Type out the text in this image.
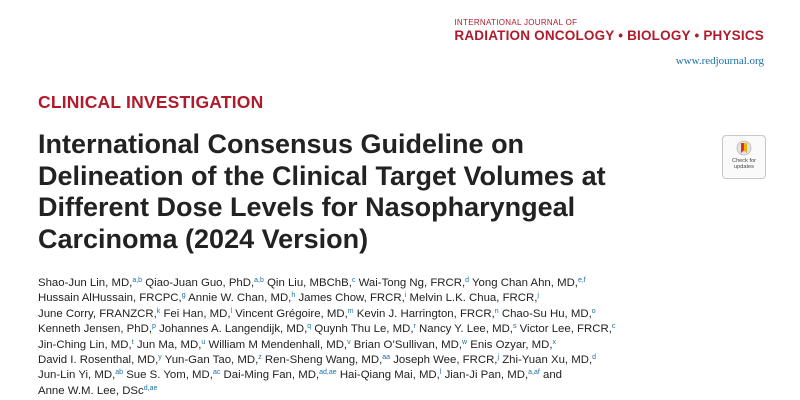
INTERNATIONAL JOURNAL OF
RADIATION ONCOLOGY • BIOLOGY • PHYSICS
www.redjournal.org
CLINICAL INVESTIGATION
International Consensus Guideline on Delineation of the Clinical Target Volumes at Different Dose Levels for Nasopharyngeal Carcinoma (2024 Version)
Check for
updates
Shao-Jun Lin, MD,$^{a,b}$ Qiao-Juan Guo, PhD,$^{a,b}$ Qin Liu, MBChB,$^c$ Wai-Tong Ng, FRCR,$^d$ Yong Chan Ahn, MD,$^{e,f}$
Hussain AlHussain, FRCPC,$^g$ Annie W. Chan, MD,$^h$ James Chow, FRCR,$^i$ Melvin L.K. Chua, FRCR,$^j$
June Corry, FRANZCR,$^k$ Fei Han, MD,$^l$ Vincent Grégoire, MD,$^m$ Kevin J. Harrington, FRCR,$^n$ Chao-Su Hu, MD,$^o$
Kenneth Jensen, PhD,$^p$ Johannes A. Langendijk, MD,$^q$ Quynh Thu Le, MD,$^r$ Nancy Y. Lee, MD,$^s$ Victor Lee, FRCR,$^c$
Jin-Ching Lin, MD,$^t$ Jun Ma, MD,$^u$ William M Mendenhall, MD,$^v$ Brian O’Sullivan, MD,$^w$ Enis Ozyar, MD,$^x$
David I. Rosenthal, MD,$^y$ Yun-Gan Tao, MD,$^z$ Ren-Sheng Wang, MD,$^{aa}$ Joseph Wee, FRCR,$^j$ Zhi-Yuan Xu, MD,$^d$
Jun-Lin Yi, MD,$^{ab}$ Sue S. Yom, MD,$^{ac}$ Dai-Ming Fan, MD,$^{ad,ae}$ Hai-Qiang Mai, MD,$^l$ Jian-Ji Pan, MD,$^{a,af}$ and
Anne W.M. Lee, DSc$^{d,ae}$
